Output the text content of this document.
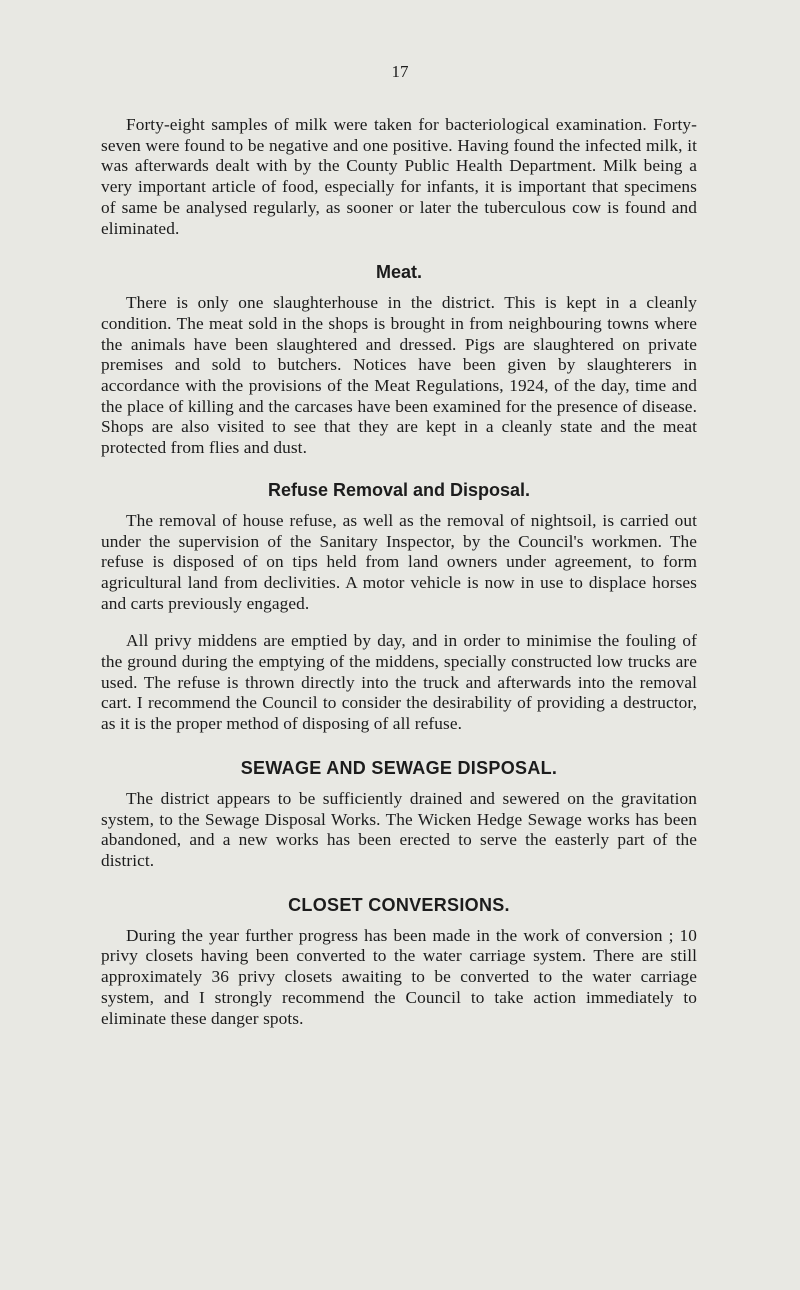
17

Forty-eight samples of milk were taken for bacteriological examination. Forty-seven were found to be negative and one positive. Having found the infected milk, it was afterwards dealt with by the County Public Health Department. Milk being a very important article of food, especially for infants, it is important that specimens of same be analysed regularly, as sooner or later the tuberculous cow is found and eliminated.

Meat.

There is only one slaughterhouse in the district. This is kept in a cleanly condition. The meat sold in the shops is brought in from neighbouring towns where the animals have been slaughtered and dressed. Pigs are slaughtered on private premises and sold to butchers. Notices have been given by slaughterers in accordance with the provisions of the Meat Regulations, 1924, of the day, time and the place of killing and the carcases have been examined for the presence of disease. Shops are also visited to see that they are kept in a cleanly state and the meat protected from flies and dust.

Refuse Removal and Disposal.

The removal of house refuse, as well as the removal of nightsoil, is carried out under the supervision of the Sanitary Inspector, by the Council's workmen. The refuse is disposed of on tips held from land owners under agreement, to form agricultural land from declivities. A motor vehicle is now in use to displace horses and carts previously engaged.

All privy middens are emptied by day, and in order to minimise the fouling of the ground during the emptying of the middens, specially constructed low trucks are used. The refuse is thrown directly into the truck and afterwards into the removal cart. I recommend the Council to consider the desirability of providing a destructor, as it is the proper method of disposing of all refuse.

SEWAGE AND SEWAGE DISPOSAL.

The district appears to be sufficiently drained and sewered on the gravitation system, to the Sewage Disposal Works. The Wicken Hedge Sewage works has been abandoned, and a new works has been erected to serve the easterly part of the district.

CLOSET CONVERSIONS.

During the year further progress has been made in the work of conversion ; 10 privy closets having been converted to the water carriage system. There are still approximately 36 privy closets awaiting to be converted to the water carriage system, and I strongly recommend the Council to take action immediately to eliminate these danger spots.
